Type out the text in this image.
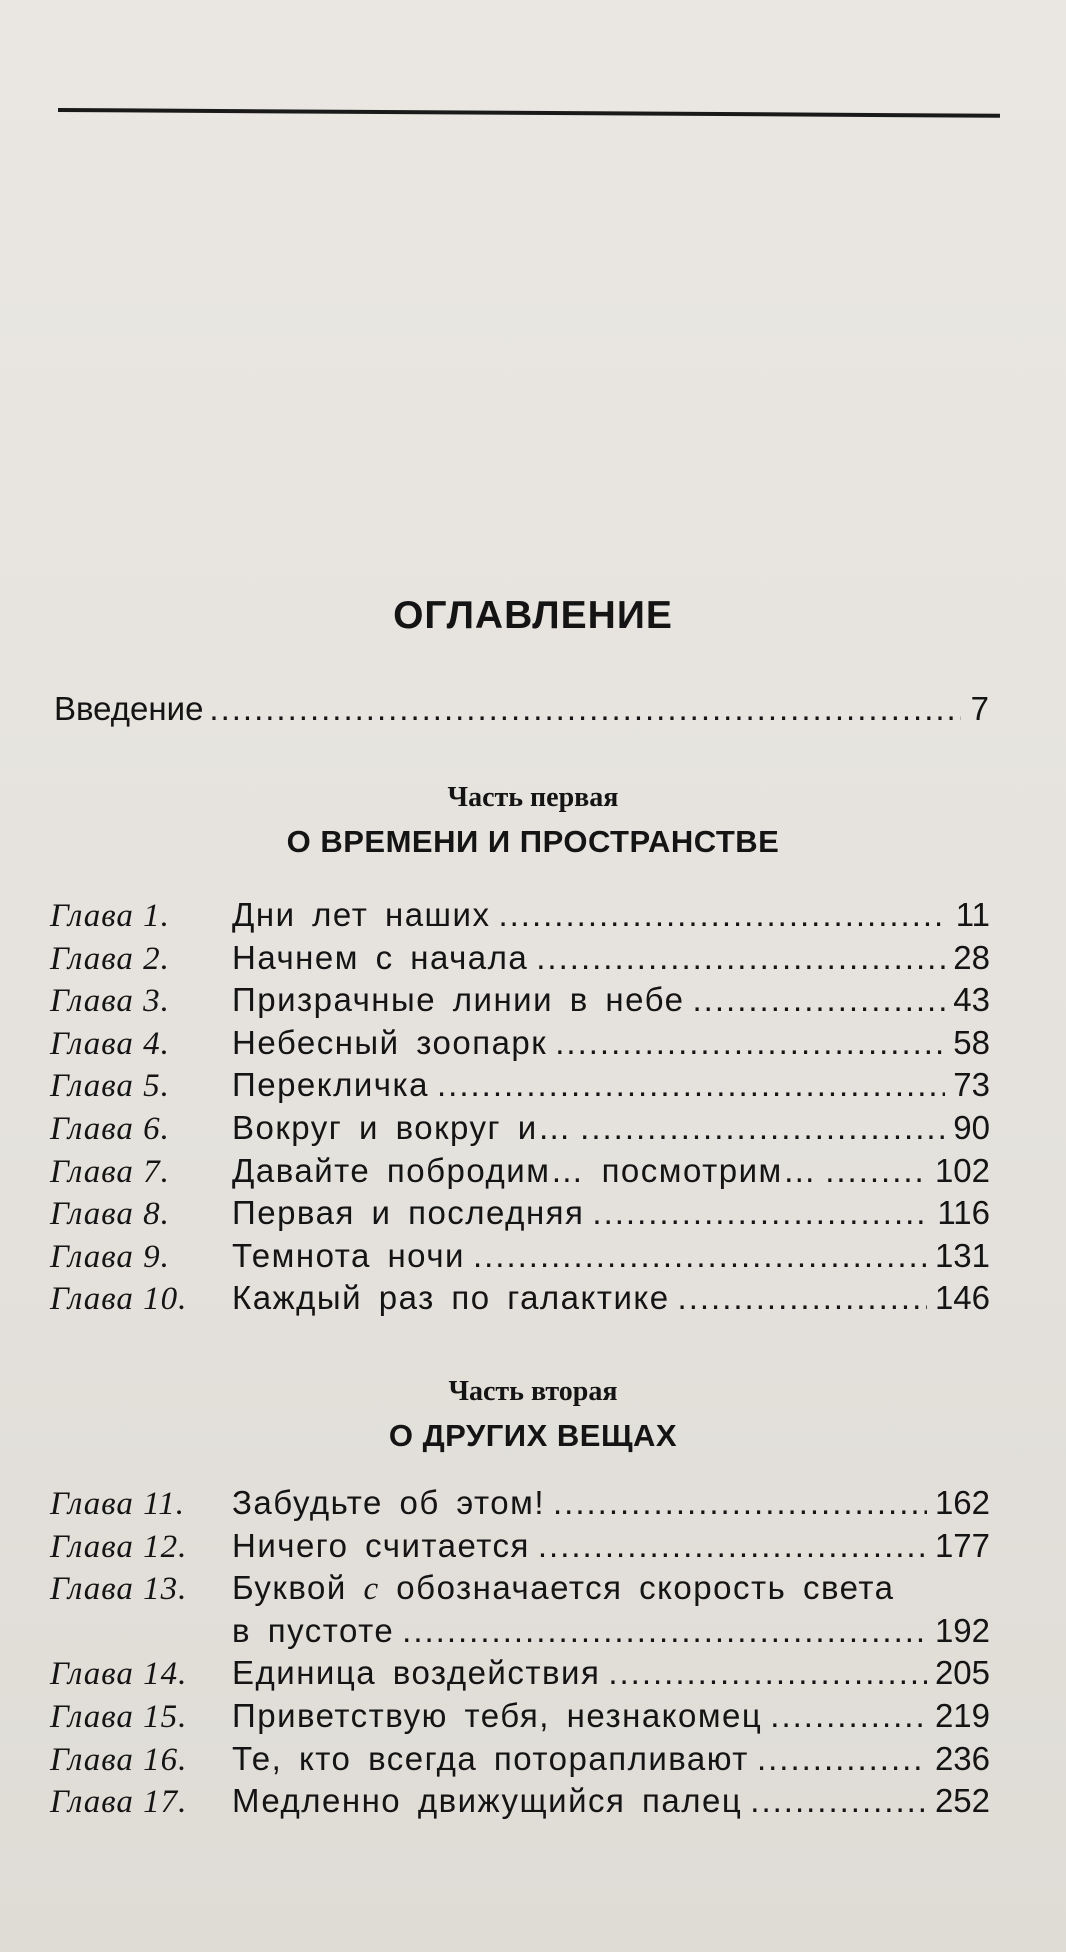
ОГЛАВЛЕНИЕ
Введение .....	7
Часть первая
О ВРЕМЕНИ И ПРОСТРАНСТВЕ
Глава 1.	Дни лет наших .....	11
Глава 2.	Начнем с начала .....	28
Глава 3.	Призрачные линии в небе .....	43
Глава 4.	Небесный зоопарк .....	58
Глава 5.	Перекличка .....	73
Глава 6.	Вокруг и вокруг и… .....	90
Глава 7.	Давайте побродим… посмотрим… .....	102
Глава 8.	Первая и последняя .....	116
Глава 9.	Темнота ночи .....	131
Глава 10.	Каждый раз по галактике .....	146
Часть вторая
О ДРУГИХ ВЕЩАХ
Глава 11.	Забудьте об этом! .....	162
Глава 12.	Ничего считается .....	177
Глава 13.	Буквой с обозначается скорость света
в пустоте .....	192
Глава 14.	Единица воздействия .....	205
Глава 15.	Приветствую тебя, незнакомец .....	219
Глава 16.	Те, кто всегда поторапливают .....	236
Глава 17.	Медленно движущийся палец .....	252
